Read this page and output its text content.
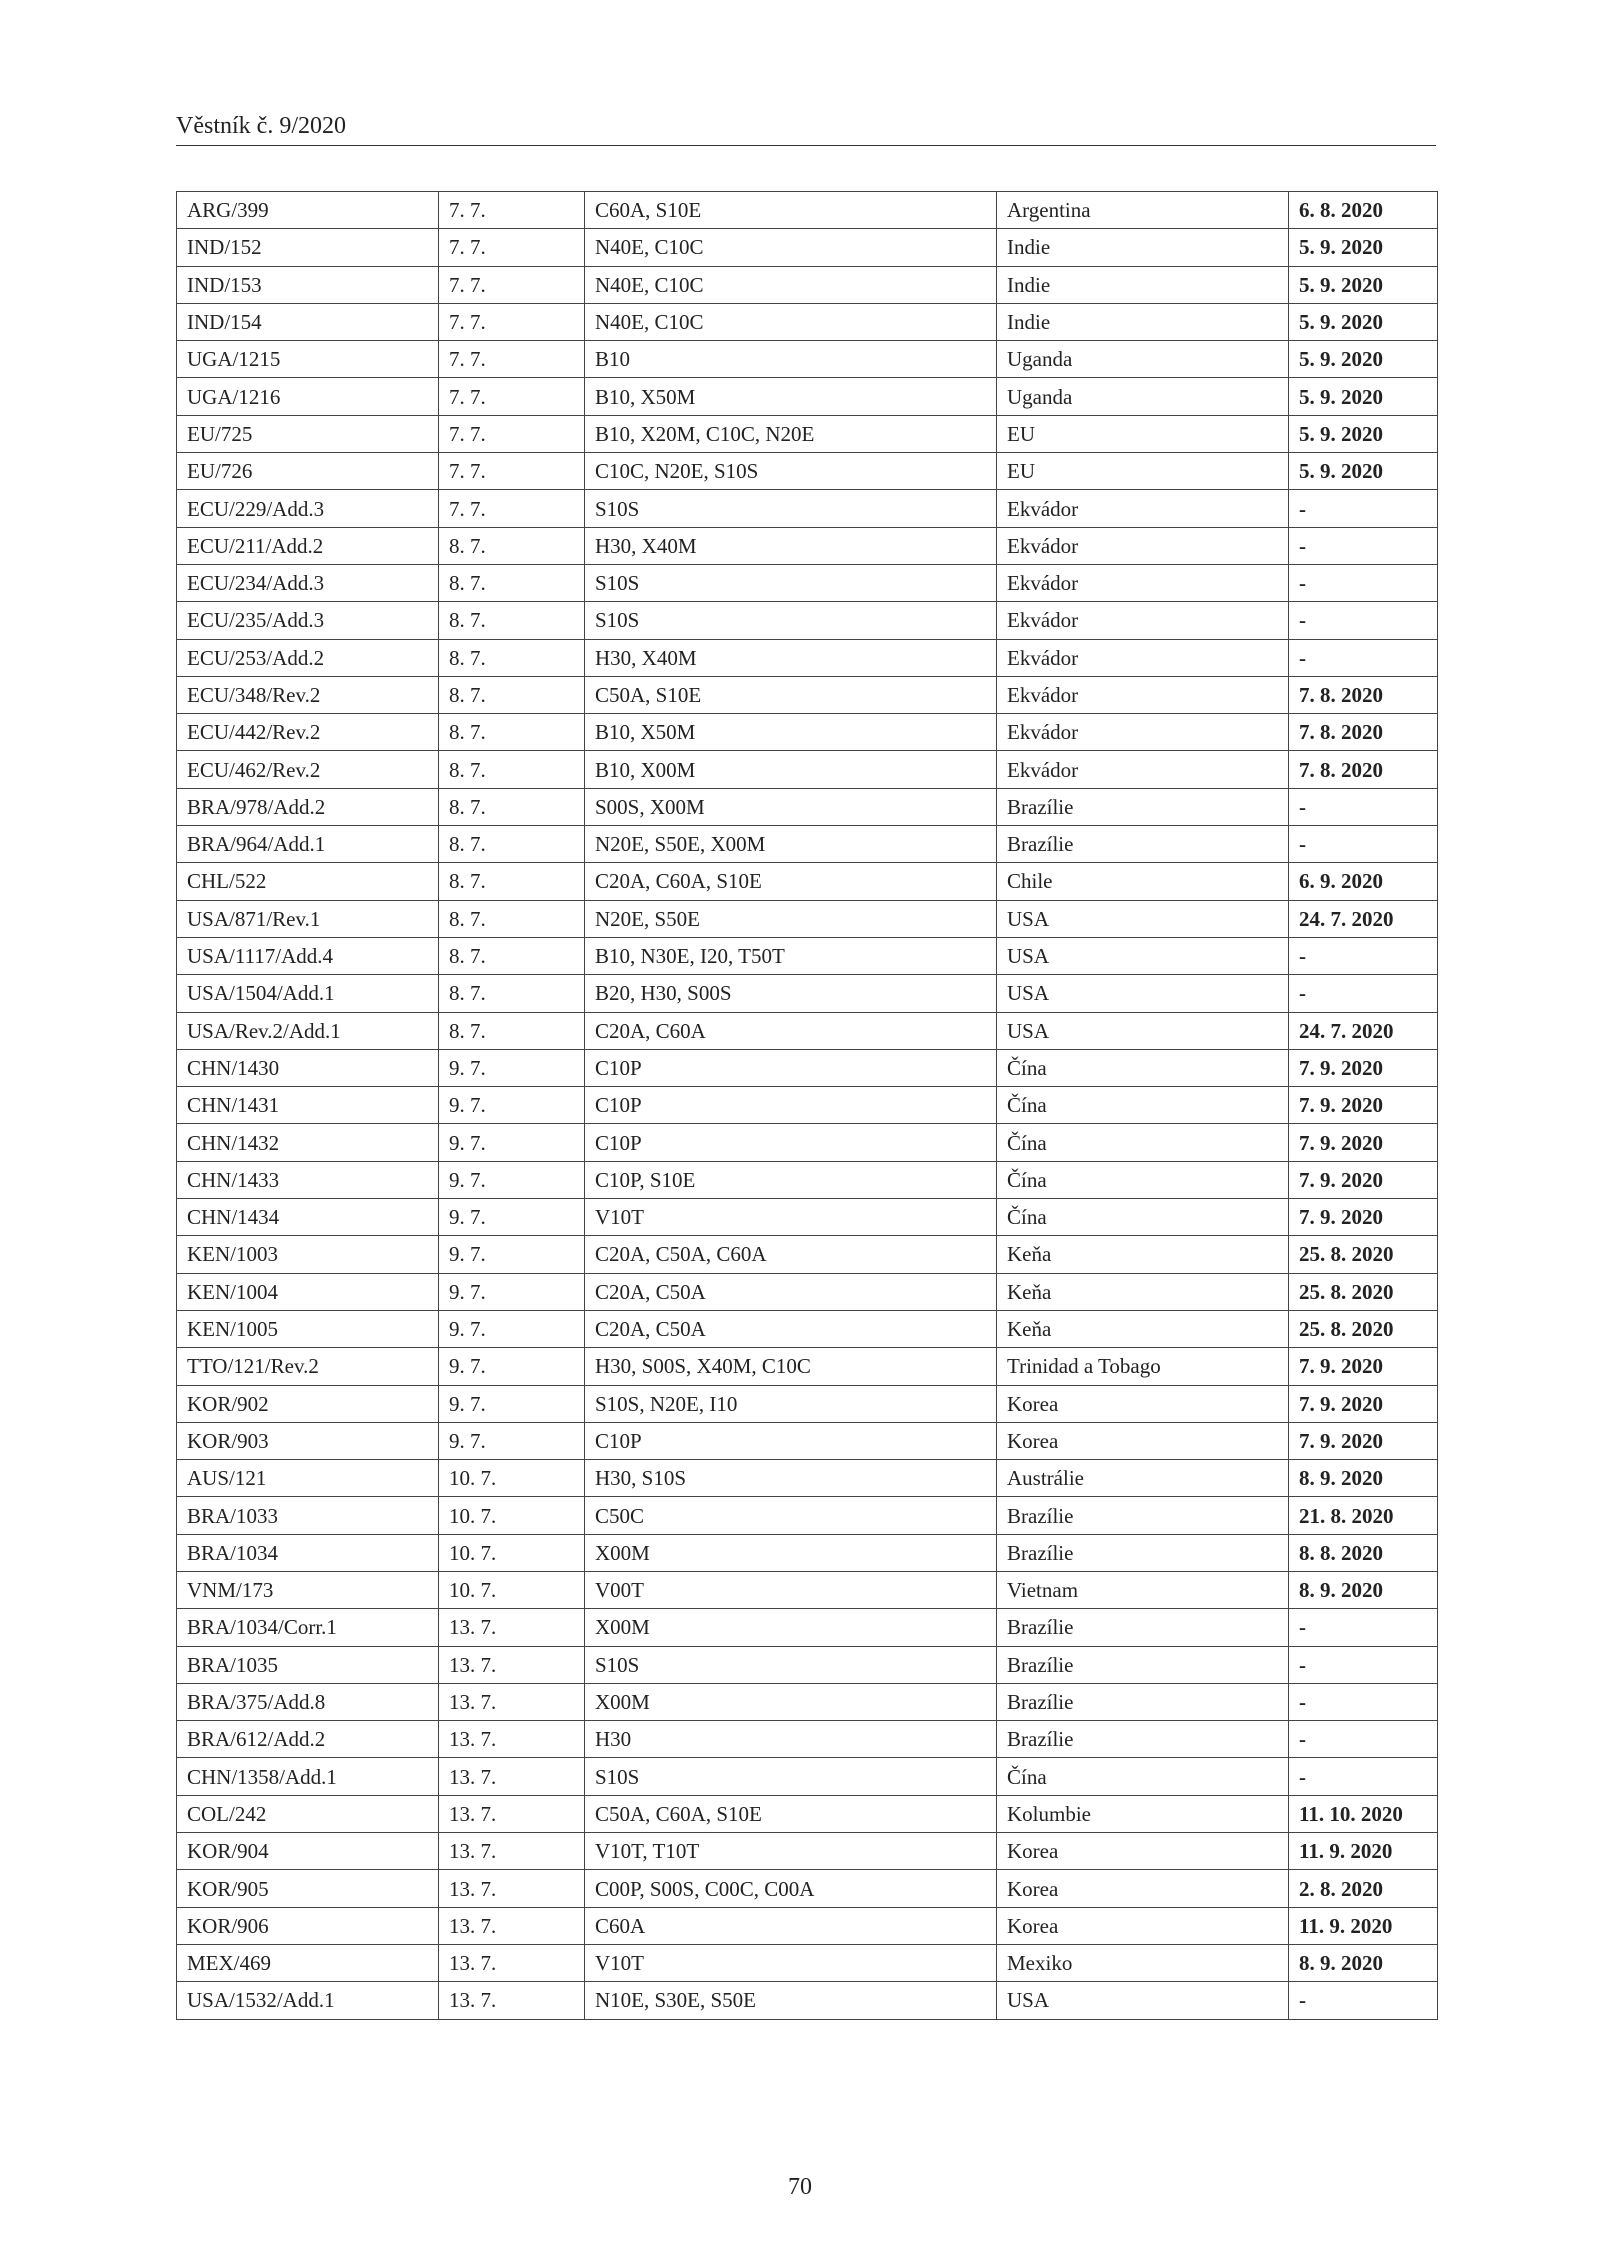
Věstník č. 9/2020
ARG/399	7. 7.	C60A, S10E	Argentina	6. 8. 2020
IND/152	7. 7.	N40E, C10C	Indie	5. 9. 2020
IND/153	7. 7.	N40E, C10C	Indie	5. 9. 2020
IND/154	7. 7.	N40E, C10C	Indie	5. 9. 2020
UGA/1215	7. 7.	B10	Uganda	5. 9. 2020
UGA/1216	7. 7.	B10, X50M	Uganda	5. 9. 2020
EU/725	7. 7.	B10, X20M, C10C, N20E	EU	5. 9. 2020
EU/726	7. 7.	C10C, N20E, S10S	EU	5. 9. 2020
ECU/229/Add.3	7. 7.	S10S	Ekvádor	-
ECU/211/Add.2	8. 7.	H30, X40M	Ekvádor	-
ECU/234/Add.3	8. 7.	S10S	Ekvádor	-
ECU/235/Add.3	8. 7.	S10S	Ekvádor	-
ECU/253/Add.2	8. 7.	H30, X40M	Ekvádor	-
ECU/348/Rev.2	8. 7.	C50A, S10E	Ekvádor	7. 8. 2020
ECU/442/Rev.2	8. 7.	B10, X50M	Ekvádor	7. 8. 2020
ECU/462/Rev.2	8. 7.	B10, X00M	Ekvádor	7. 8. 2020
BRA/978/Add.2	8. 7.	S00S, X00M	Brazílie	-
BRA/964/Add.1	8. 7.	N20E, S50E, X00M	Brazílie	-
CHL/522	8. 7.	C20A, C60A, S10E	Chile	6. 9. 2020
USA/871/Rev.1	8. 7.	N20E, S50E	USA	24. 7. 2020
USA/1117/Add.4	8. 7.	B10, N30E, I20, T50T	USA	-
USA/1504/Add.1	8. 7.	B20, H30, S00S	USA	-
USA/Rev.2/Add.1	8. 7.	C20A, C60A	USA	24. 7. 2020
CHN/1430	9. 7.	C10P	Čína	7. 9. 2020
CHN/1431	9. 7.	C10P	Čína	7. 9. 2020
CHN/1432	9. 7.	C10P	Čína	7. 9. 2020
CHN/1433	9. 7.	C10P, S10E	Čína	7. 9. 2020
CHN/1434	9. 7.	V10T	Čína	7. 9. 2020
KEN/1003	9. 7.	C20A, C50A, C60A	Keňa	25. 8. 2020
KEN/1004	9. 7.	C20A, C50A	Keňa	25. 8. 2020
KEN/1005	9. 7.	C20A, C50A	Keňa	25. 8. 2020
TTO/121/Rev.2	9. 7.	H30, S00S, X40M, C10C	Trinidad a Tobago	7. 9. 2020
KOR/902	9. 7.	S10S, N20E, I10	Korea	7. 9. 2020
KOR/903	9. 7.	C10P	Korea	7. 9. 2020
AUS/121	10. 7.	H30, S10S	Austrálie	8. 9. 2020
BRA/1033	10. 7.	C50C	Brazílie	21. 8. 2020
BRA/1034	10. 7.	X00M	Brazílie	8. 8. 2020
VNM/173	10. 7.	V00T	Vietnam	8. 9. 2020
BRA/1034/Corr.1	13. 7.	X00M	Brazílie	-
BRA/1035	13. 7.	S10S	Brazílie	-
BRA/375/Add.8	13. 7.	X00M	Brazílie	-
BRA/612/Add.2	13. 7.	H30	Brazílie	-
CHN/1358/Add.1	13. 7.	S10S	Čína	-
COL/242	13. 7.	C50A, C60A, S10E	Kolumbie	11. 10. 2020
KOR/904	13. 7.	V10T, T10T	Korea	11. 9. 2020
KOR/905	13. 7.	C00P, S00S, C00C, C00A	Korea	2. 8. 2020
KOR/906	13. 7.	C60A	Korea	11. 9. 2020
MEX/469	13. 7.	V10T	Mexiko	8. 9. 2020
USA/1532/Add.1	13. 7.	N10E, S30E, S50E	USA	-
70
